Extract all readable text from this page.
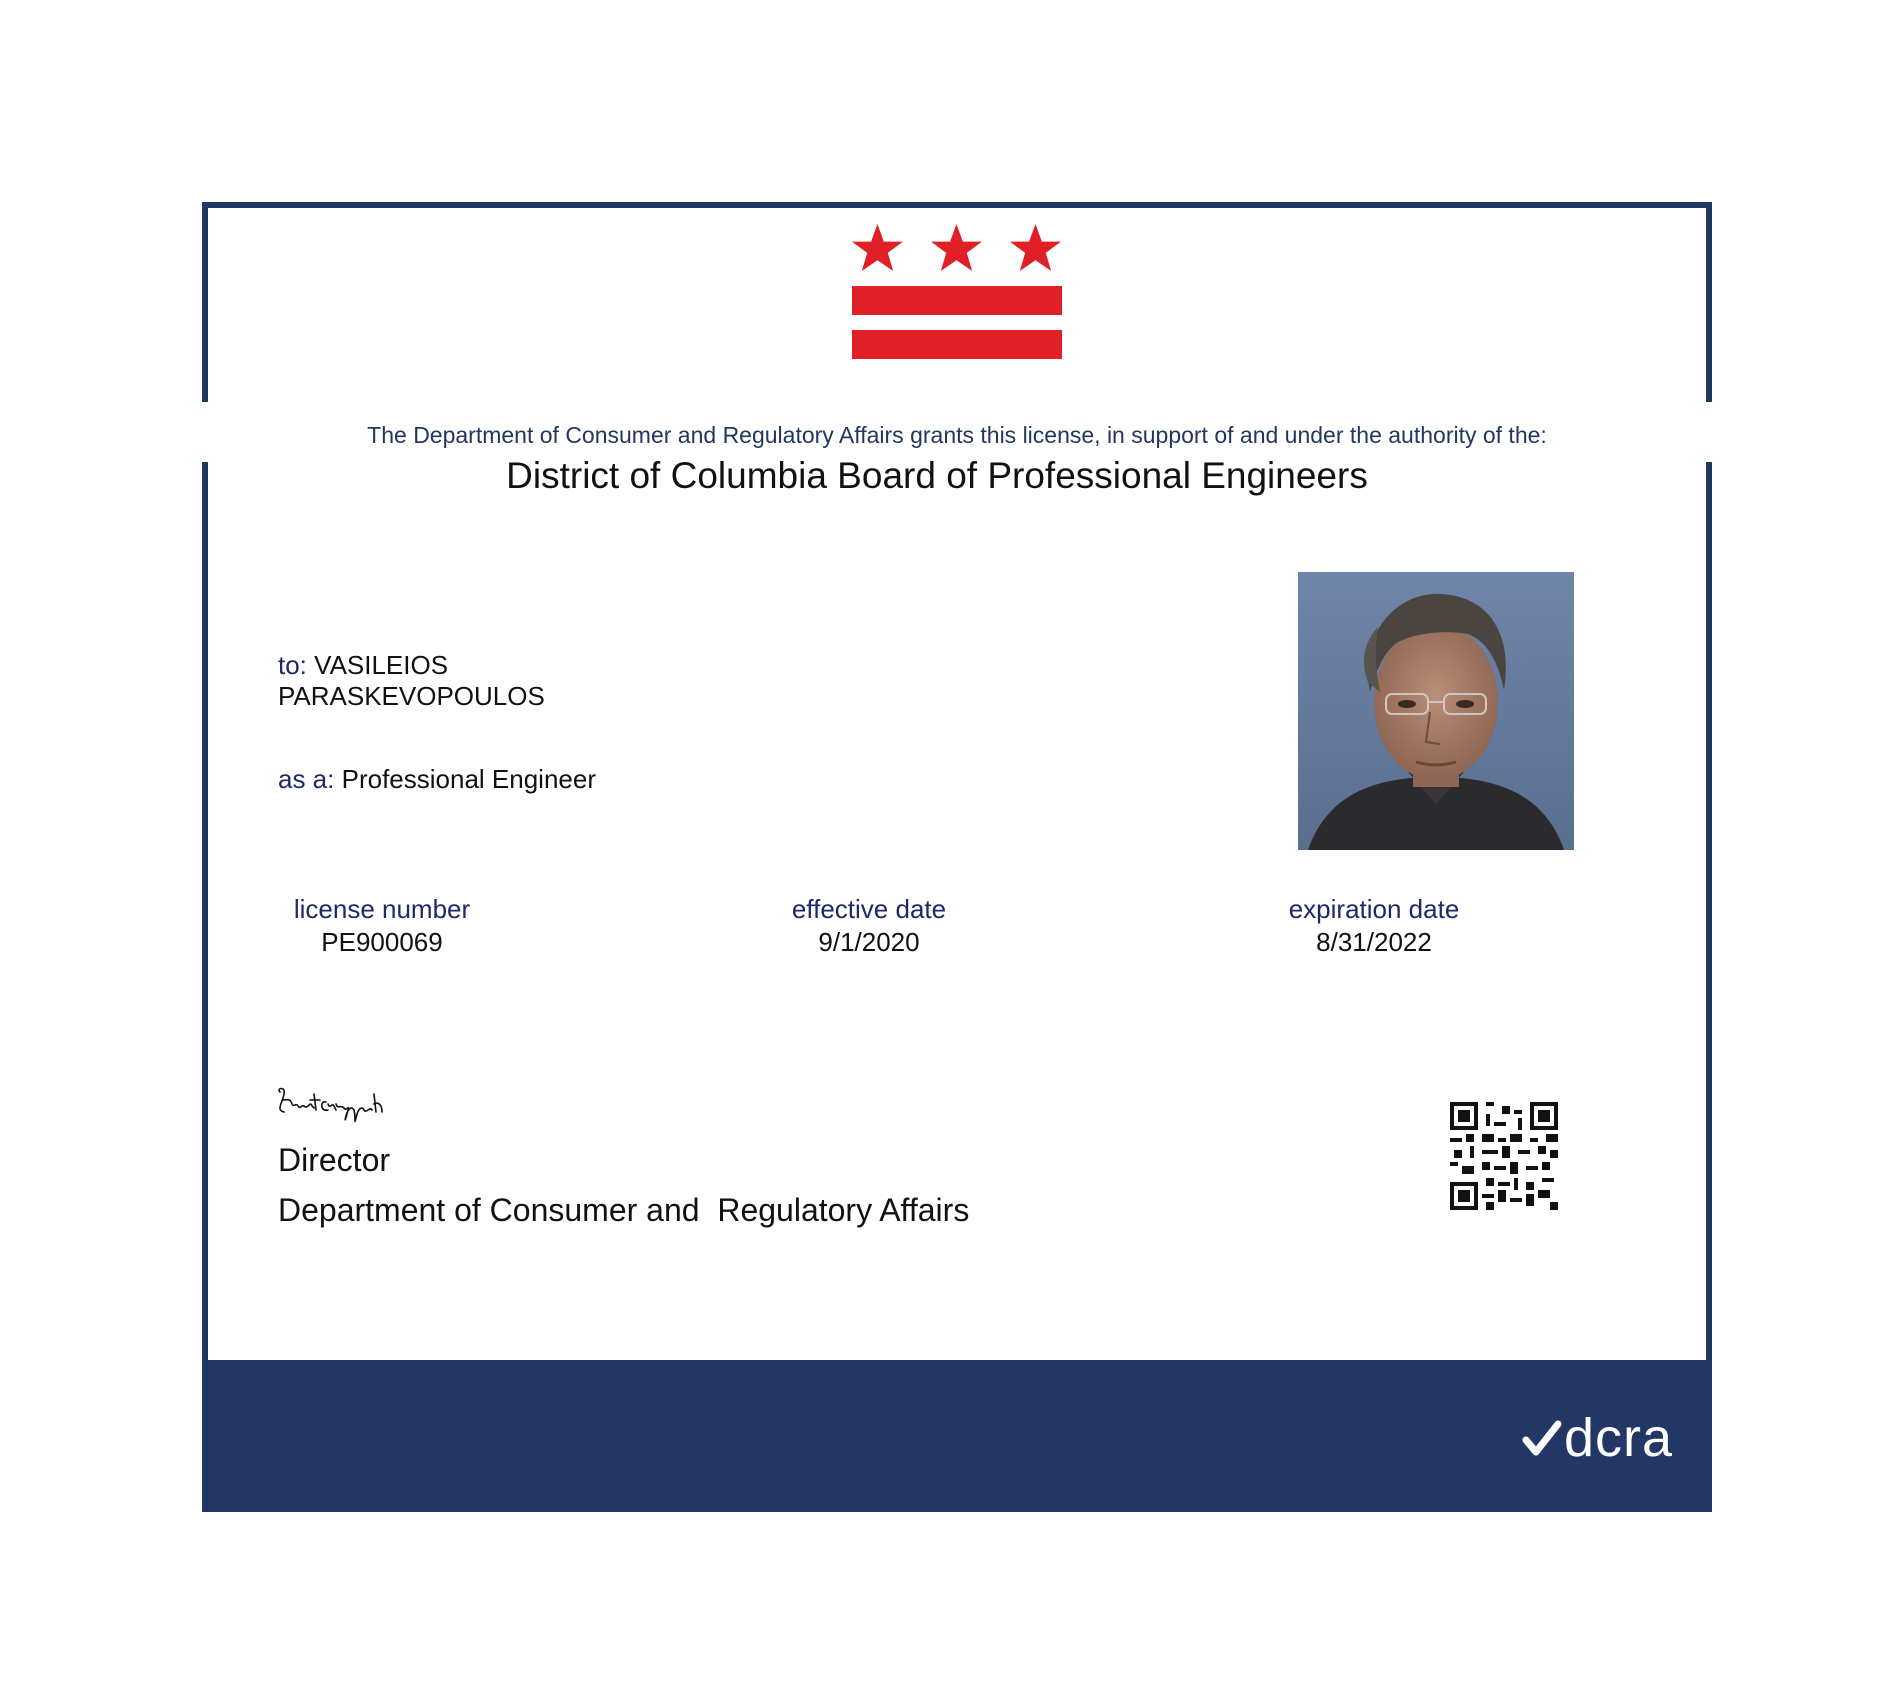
The Department of Consumer and Regulatory Affairs grants this license, in support of and under the authority of the:
District of Columbia Board of Professional Engineers
to: VASILEIOS
PARASKEVOPOULOS
as a: Professional Engineer
license number
PE900069
effective date
9/1/2020
expiration date
8/31/2022
Director
Department of Consumer and  Regulatory Affairs
dcra
